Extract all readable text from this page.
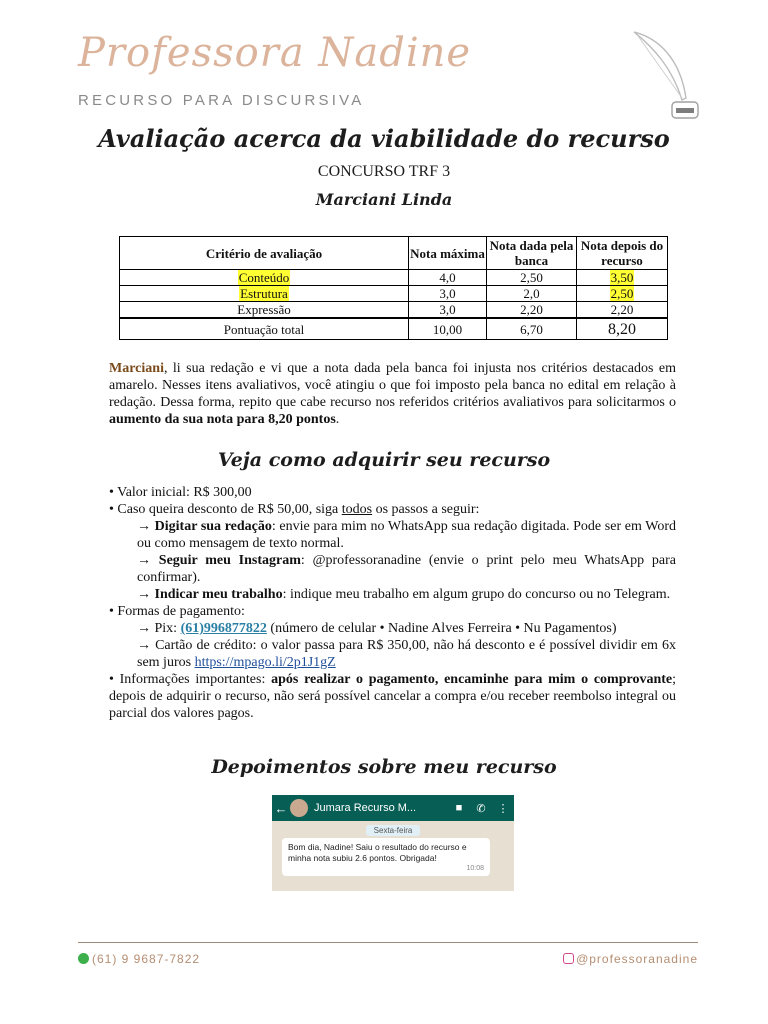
Professora Nadine
RECURSO PARA DISCURSIVA
Avaliação acerca da viabilidade do recurso
CONCURSO TRF 3
Marciani Linda
Critério de avaliação	Nota máxima	Nota dada pela banca	Nota depois do recurso
Conteúdo	4,0	2,50	3,50
Estrutura	3,0	2,0	2,50
Expressão	3,0	2,20	2,20
Pontuação total	10,00	6,70	8,20

Marciani, li sua redação e vi que a nota dada pela banca foi injusta nos critérios destacados em amarelo. Nesses itens avaliativos, você atingiu o que foi imposto pela banca no edital em relação à redação. Dessa forma, repito que cabe recurso nos referidos critérios avaliativos para solicitarmos o aumento da sua nota para 8,20 pontos.

Veja como adquirir seu recurso

• Valor inicial: R$ 300,00

• Caso queira desconto de R$ 50,00, siga todos os passos a seguir:

→ Digitar sua redação: envie para mim no WhatsApp sua redação digitada. Pode ser em Word ou como mensagem de texto normal.

→ Seguir meu Instagram: @professoranadine (envie o print pelo meu WhatsApp para confirmar).

→ Indicar meu trabalho: indique meu trabalho em algum grupo do concurso ou no Telegram.

• Formas de pagamento:

→ Pix: (61)996877822 (número de celular • Nadine Alves Ferreira • Nu Pagamentos)

→ Cartão de crédito: o valor passa para R$ 350,00, não há desconto e é possível dividir em 6x sem juros https://mpago.li/2p1J1gZ

• Informações importantes: após realizar o pagamento, encaminhe para mim o comprovante; depois de adquirir o recurso, não será possível cancelar a compra e/ou receber reembolso integral ou parcial dos valores pagos.

Depoimentos sobre meu recurso
← Jumara Recurso M...	■	✆	⋮
Sexta-feira
Bom dia, Nadine! Saiu o resultado do recurso e minha nota subiu 2.6 pontos. Obrigada!
10:08
(61) 9 9687-7822	@professoranadine
